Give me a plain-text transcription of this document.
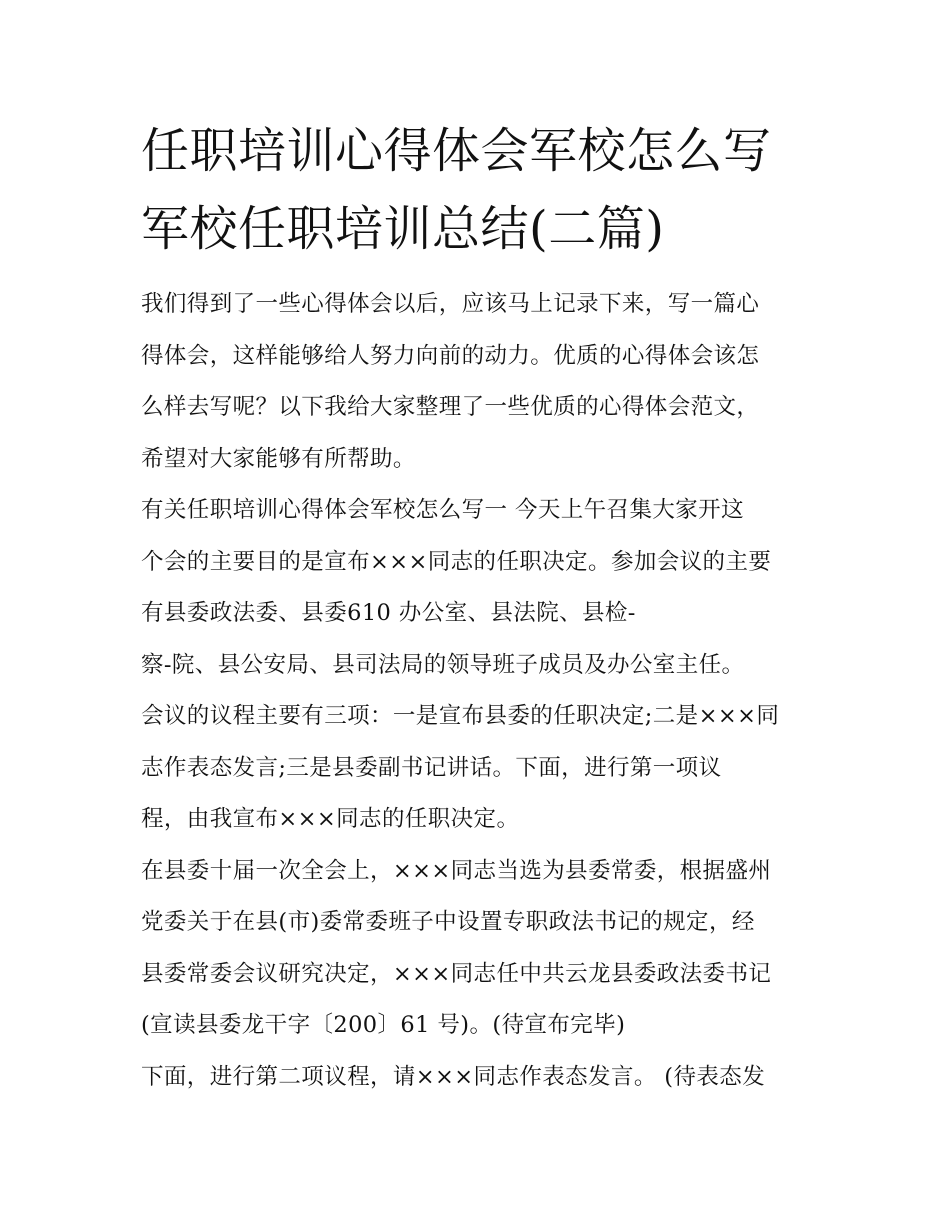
任职培训心得体会军校怎么写
军校任职培训总结(二篇)
我们得到了一些心得体会以后，应该马上记录下来，写一篇心
得体会，这样能够给人努力向前的动力。优质的心得体会该怎
么样去写呢？以下我给大家整理了一些优质的心得体会范文，
希望对大家能够有所帮助。
有关任职培训心得体会军校怎么写一 今天上午召集大家开这
个会的主要目的是宣布×××同志的任职决定。参加会议的主要
有县委政法委、县委610 办公室、县法院、县检-
察-院、县公安局、县司法局的领导班子成员及办公室主任。
会议的议程主要有三项：一是宣布县委的任职决定;二是×××同
志作表态发言;三是县委副书记讲话。下面，进行第一项议
程，由我宣布×××同志的任职决定。
在县委十届一次全会上，×××同志当选为县委常委，根据盛州
党委关于在县(市)委常委班子中设置专职政法书记的规定，经
县委常委会议研究决定，×××同志任中共云龙县委政法委书记
(宣读县委龙干字〔200〕61 号)。(待宣布完毕)
下面，进行第二项议程，请×××同志作表态发言。 (待表态发
